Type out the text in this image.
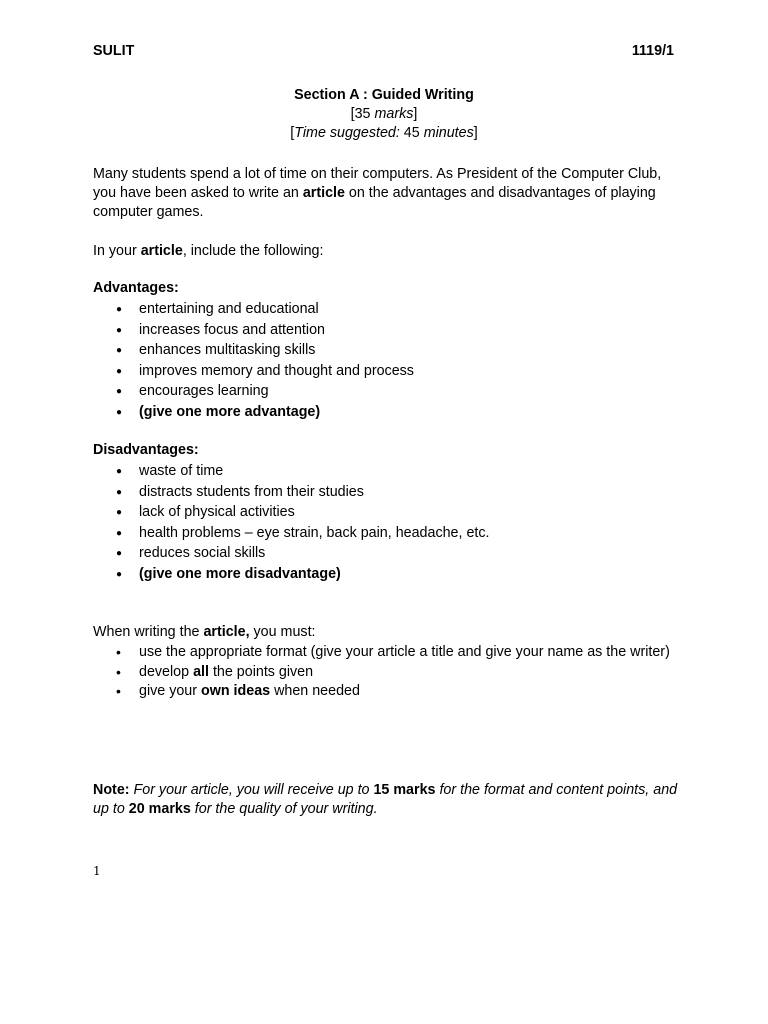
SULIT	1119/1
Section A : Guided Writing
[35 marks]
[Time suggested: 45 minutes]
Many students spend a lot of time on their computers. As President of the Computer Club, you have been asked to write an article on the advantages and disadvantages of playing computer games.
In your article, include the following:
Advantages:
● entertaining and educational
● increases focus and attention
● enhances multitasking skills
● improves memory and thought and process
● encourages learning
● (give one more advantage)
Disadvantages:
● waste of time
● distracts students from their studies
● lack of physical activities
● health problems – eye strain, back pain, headache, etc.
● reduces social skills
● (give one more disadvantage)
When writing the article, you must:
• use the appropriate format (give your article a title and give your name as the writer)
• develop all the points given
• give your own ideas when needed
Note: For your article, you will receive up to 15 marks for the format and content points, and up to 20 marks for the quality of your writing.
1
